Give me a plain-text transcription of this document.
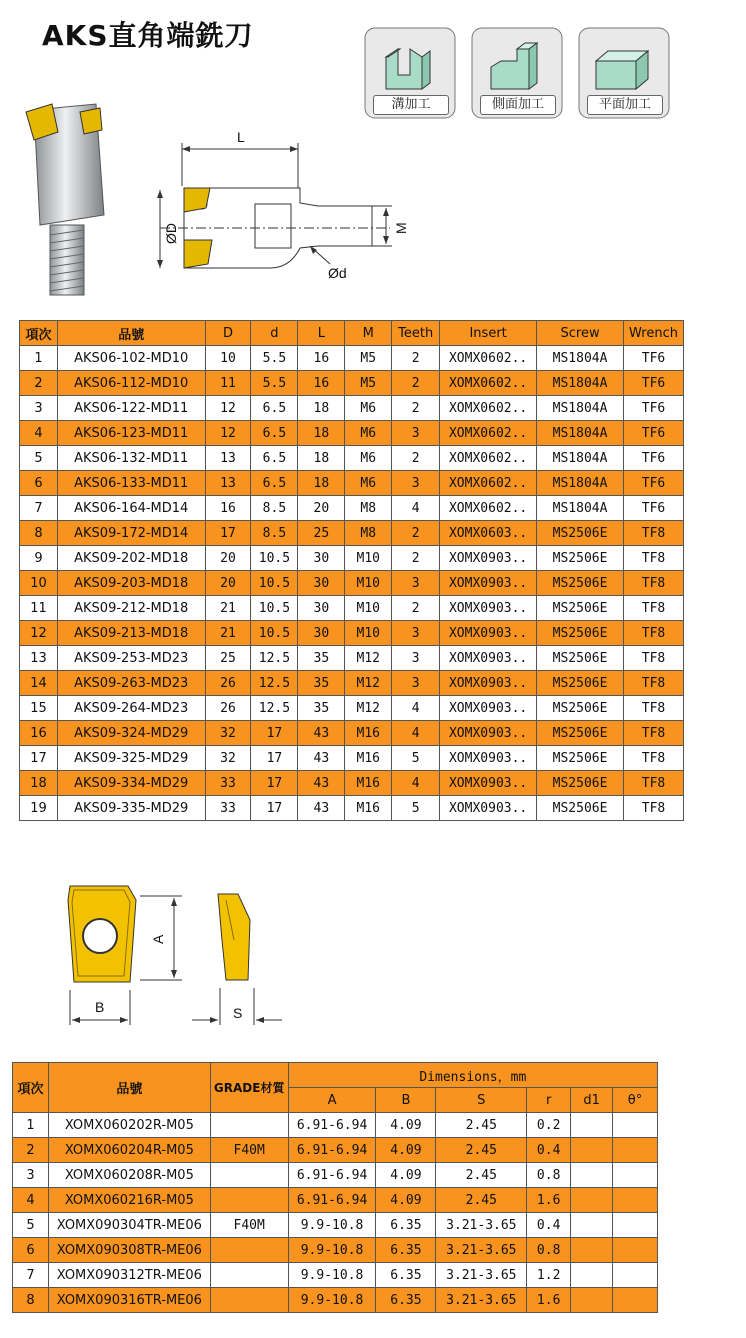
AKS直角端銑刀
溝加工	側面加工	平面加工
L
ØD	M
Ød
項次	品號	D	d	L	M	Teeth	Insert	Screw	Wrench
1	AKS06-102-MD10	10	5.5	16	M5	2	XOMX0602..	MS1804A	TF6
2	AKS06-112-MD10	11	5.5	16	M5	2	XOMX0602..	MS1804A	TF6
3	AKS06-122-MD11	12	6.5	18	M6	2	XOMX0602..	MS1804A	TF6
4	AKS06-123-MD11	12	6.5	18	M6	3	XOMX0602..	MS1804A	TF6
5	AKS06-132-MD11	13	6.5	18	M6	2	XOMX0602..	MS1804A	TF6
6	AKS06-133-MD11	13	6.5	18	M6	3	XOMX0602..	MS1804A	TF6
7	AKS06-164-MD14	16	8.5	20	M8	4	XOMX0602..	MS1804A	TF6
8	AKS09-172-MD14	17	8.5	25	M8	2	XOMX0603..	MS2506E	TF8
9	AKS09-202-MD18	20	10.5	30	M10	2	XOMX0903..	MS2506E	TF8
10	AKS09-203-MD18	20	10.5	30	M10	3	XOMX0903..	MS2506E	TF8
11	AKS09-212-MD18	21	10.5	30	M10	2	XOMX0903..	MS2506E	TF8
12	AKS09-213-MD18	21	10.5	30	M10	3	XOMX0903..	MS2506E	TF8
13	AKS09-253-MD23	25	12.5	35	M12	3	XOMX0903..	MS2506E	TF8
14	AKS09-263-MD23	26	12.5	35	M12	3	XOMX0903..	MS2506E	TF8
15	AKS09-264-MD23	26	12.5	35	M12	4	XOMX0903..	MS2506E	TF8
16	AKS09-324-MD29	32	17	43	M16	4	XOMX0903..	MS2506E	TF8
17	AKS09-325-MD29	32	17	43	M16	5	XOMX0903..	MS2506E	TF8
18	AKS09-334-MD29	33	17	43	M16	4	XOMX0903..	MS2506E	TF8
19	AKS09-335-MD29	33	17	43	M16	5	XOMX0903..	MS2506E	TF8
A
B	S
項次	品號	GRADE材質	Dimensions，mm					
			A	B	S	r	d1	θ°
1	XOMX060202R-M05		6.91-6.94	4.09	2.45	0.2		
2	XOMX060204R-M05	F40M	6.91-6.94	4.09	2.45	0.4		
3	XOMX060208R-M05		6.91-6.94	4.09	2.45	0.8		
4	XOMX060216R-M05		6.91-6.94	4.09	2.45	1.6		
5	XOMX090304TR-ME06	F40M	9.9-10.8	6.35	3.21-3.65	0.4		
6	XOMX090308TR-ME06		9.9-10.8	6.35	3.21-3.65	0.8		
7	XOMX090312TR-ME06		9.9-10.8	6.35	3.21-3.65	1.2		
8	XOMX090316TR-ME06		9.9-10.8	6.35	3.21-3.65	1.6		
